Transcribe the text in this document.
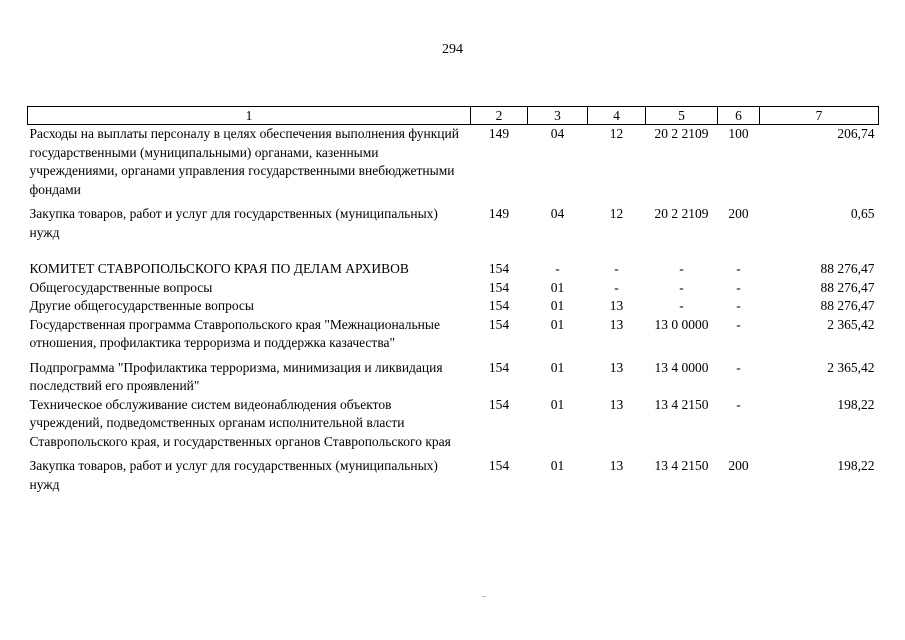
294
1	2	3	4	5	6	7
Расходы на выплаты персоналу в целях обеспечения выполнения функций государственными (муниципальными) органами, казенными учреждениями, органами управления государственными внебюджетными фондами	149	04	12	20 2 2109	100	206,74
Закупка товаров, работ и услуг для государственных (муниципальных) нужд	149	04	12	20 2 2109	200	0,65
КОМИТЕТ СТАВРОПОЛЬСКОГО КРАЯ ПО ДЕЛАМ АРХИВОВ	154	-	-	-	-	88 276,47
Общегосударственные вопросы	154	01	-	-	-	88 276,47
Другие общегосударственные вопросы	154	01	13	-	-	88 276,47
Государственная программа Ставропольского края "Межнациональные отношения, профилактика терроризма и поддержка казачества"	154	01	13	13 0 0000	-	2 365,42
Подпрограмма "Профилактика терроризма, минимизация и ликвидация последствий его проявлений"	154	01	13	13 4 0000	-	2 365,42
Техническое обслуживание систем видеонаблюдения объектов учреждений, подведомственных органам исполнительной власти Ставропольского края, и государственных органов Ставропольского края	154	01	13	13 4 2150	-	198,22
Закупка товаров, работ и услуг для государственных (муниципальных) нужд	154	01	13	13 4 2150	200	198,22
